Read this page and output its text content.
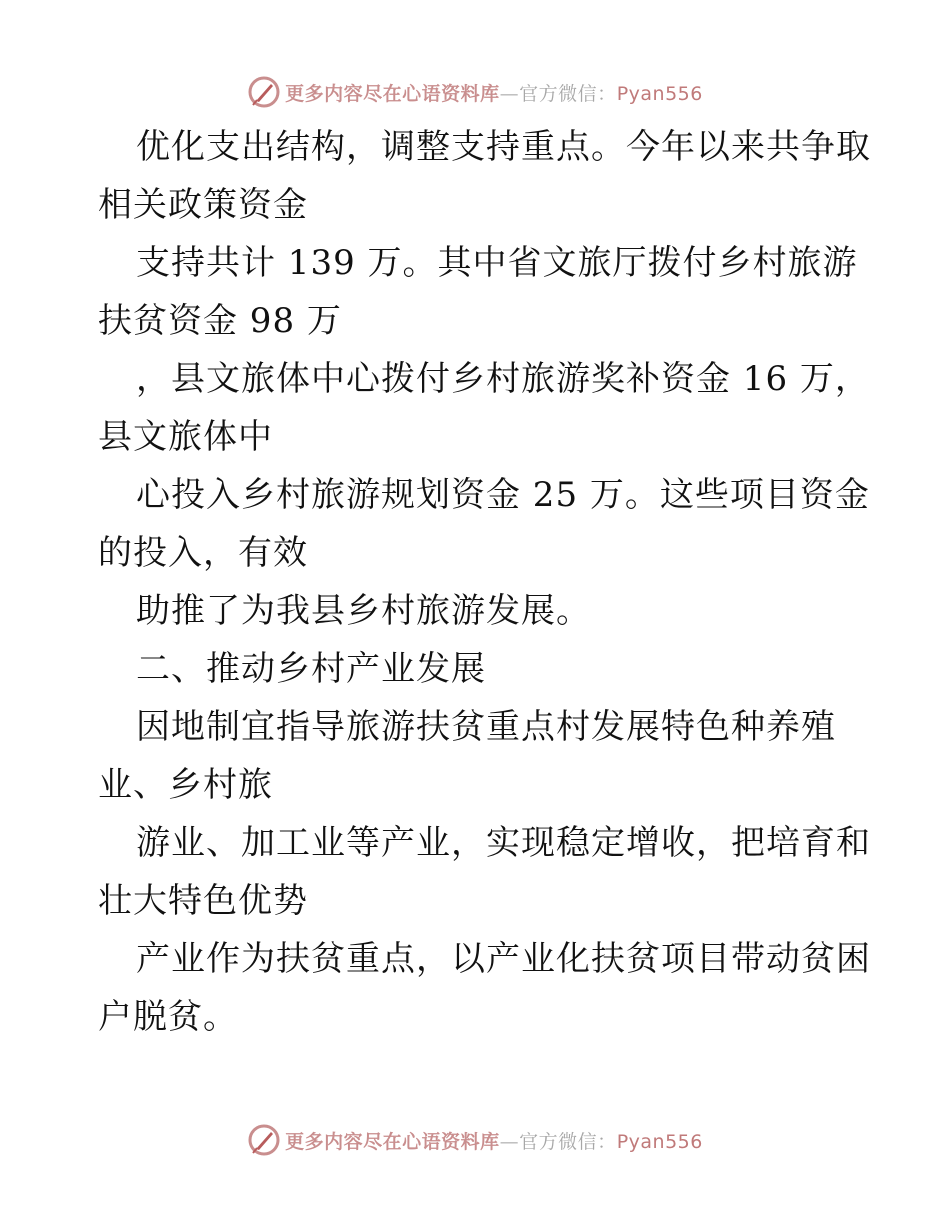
更多内容尽在心语资料库—官方微信：Pyan556
优化支出结构，调整支持重点。今年以来共争取
相关政策资金
支持共计 139 万。其中省文旅厅拨付乡村旅游
扶贫资金 98 万
，县文旅体中心拨付乡村旅游奖补资金 16 万，
县文旅体中
心投入乡村旅游规划资金 25 万。这些项目资金
的投入，有效
助推了为我县乡村旅游发展。
二、推动乡村产业发展
因地制宜指导旅游扶贫重点村发展特色种养殖
业、乡村旅
游业、加工业等产业，实现稳定增收，把培育和
壮大特色优势
产业作为扶贫重点，以产业化扶贫项目带动贫困
户脱贫。
更多内容尽在心语资料库—官方微信：Pyan556
